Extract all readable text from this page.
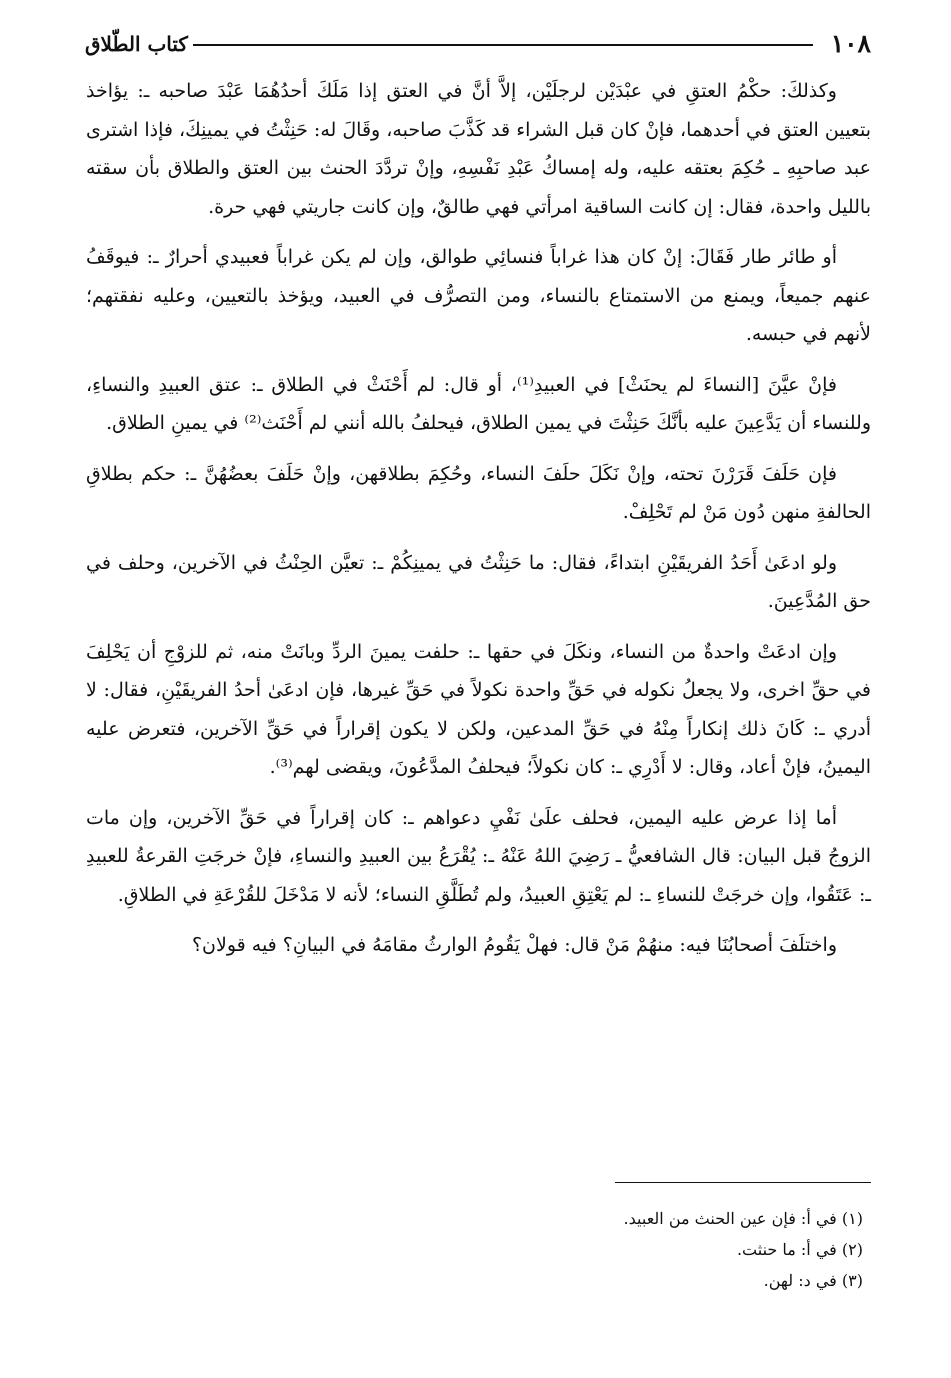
١٠٨
كتاب الطّلاق

وكذلكَ: حكْمُ العتقِ في عبْدَيْن لرجلَيْن، إلاَّ أنَّ في العتق إذا مَلَكَ أحدُهُمَا عَبْدَ صاحبه ـ: يؤاخذ بتعيين العتق في أحدهما، فإنْ كان قبل الشراء قد كَذَّبَ صاحبه، وقَالَ له: حَنِثْتُ في يمينِكَ، فإذا اشترى عبد صاحبِهِ ـ حُكِمَ بعتقه عليه، وله إمساكُ عَبْدِ نَفْسِهِ، وإنْ تردَّدَ الحنث بين العتق والطلاق بأن سقته بالليل واحدة، فقال: إن كانت الساقية امرأتي فهي طالقٌ، وإن كانت جاريتي فهي حرة.

أو طائر طار فَقَالَ: إنْ كان هذا غراباً فنسائِي طوالق، وإن لم يكن غراباً فعبيدي أحرارٌ ـ: فيوقَفُ عنهم جميعاً، ويمنع من الاستمتاع بالنساء، ومن التصرُّف في العبيد، ويؤخذ بالتعيين، وعليه نفقتهم؛ لأنهم في حبسه.

فإنْ عيَّنَ [النساءَ لم يحنَثْ] في العبيدِ⁽¹⁾، أو قال: لم أَحْنَثْ في الطلاق ـ: عتق العبيدِ والنساءِ، وللنساء أن يَدَّعِينَ عليه بأنَّكَ حَنِثْتَ في يمين الطلاق، فيحلفُ بالله أنني لم أَحْنَث⁽²⁾ في يمينِ الطلاق.

فإن حَلَفَ قَرَرْنَ تحته، وإنْ نَكَلَ حلَفَ النساء، وحُكِمَ بطلاقهن، وإنْ حَلَفَ بعضُهُنَّ ـ: حكم بطلاقِ الحالفةِ منهن دُون مَنْ لم تَحْلِفْ.

ولو ادعَىٰ أَحَدُ الفريقَيْنِ ابتداءً، فقال: ما حَنِثْتُ في يمينِكُمْ ـ: تعيَّن الحِنْثُ في الآخرين، وحلف في حق المُدَّعِينَ.

وإن ادعَتْ واحدةٌ من النساء، ونكَلَ في حقها ـ: حلفت يمينَ الردِّ وبانَتْ منه، ثم للزوْجِ أن يَحْلِفَ في حقِّ اخرى، ولا يجعلُ نكوله في حَقِّ واحدة نكولاً في حَقِّ غيرها، فإن ادعَىٰ أحدُ الفريقَيْنِ، فقال: لا أدري ـ: كَانَ ذلك إنكاراً مِنْهُ في حَقِّ المدعين، ولكن لا يكون إقراراً في حَقِّ الآخرين، فتعرض عليه اليمينُ، فإنْ أعاد، وقال: لا أَدْرِي ـ: كان نكولاً؛ فيحلفُ المدَّعُونَ، ويقضى لهم⁽³⁾.

أما إذا عرض عليه اليمين، فحلف علَىٰ نَفْيِ دعواهم ـ: كان إقراراً في حَقِّ الآخرين، وإن مات الزوجُ قبل البيان: قال الشافعيُّ ـ رَضِيَ اللهُ عَنْهُ ـ: يُقْرَعُ بين العبيدِ والنساءِ، فإنْ خرجَتِ القرعةُ للعبيدِ ـ: عَتَقُوا، وإن خرجَتْ للنساءِ ـ: لم يَعْتِقِ العبيدُ، ولم تُطَلَّقِ النساء؛ لأنه لا مَدْخَلَ للقُرْعَةِ في الطلاقِ.

واختلَفَ أصحابُنَا فيه: منهُمْ مَنْ قال: فهلْ يَقُومُ الوارثُ مقامَهُ في البيانِ؟ فيه قولان؟

(١) في أ: فإن عين الحنث من العبيد.

(٢) في أ: ما حنثت.

(٣) في د: لهن.
